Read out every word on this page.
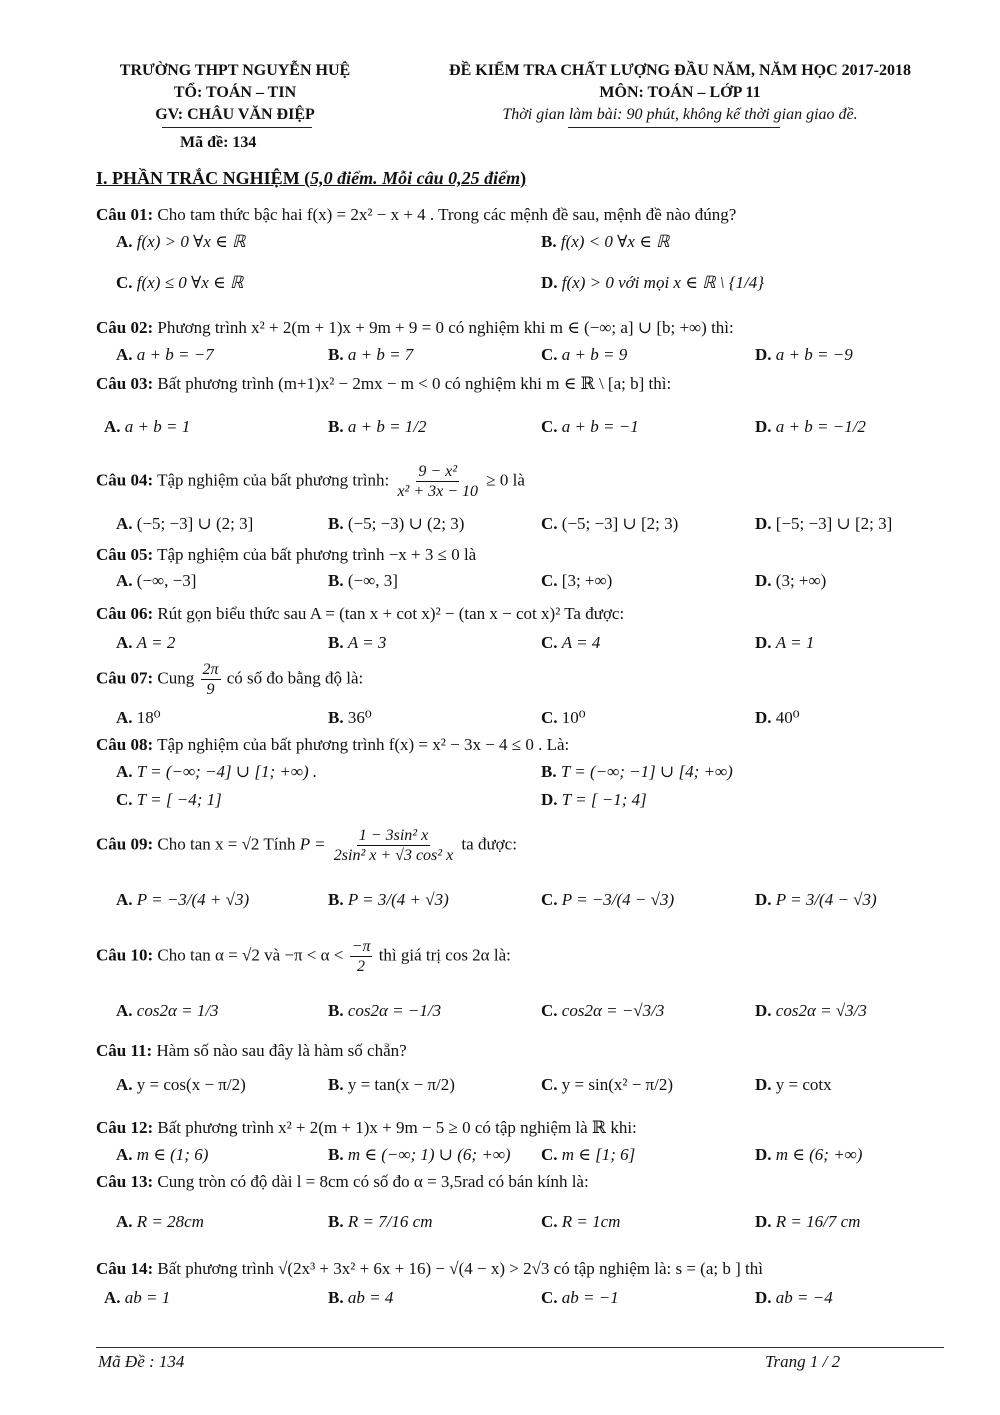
TRƯỜNG THPT NGUYỄN HUỆ
TỔ: TOÁN – TIN
GV: CHÂU VĂN ĐIỆP
Mã đề: 134
ĐỀ KIỂM TRA CHẤT LƯỢNG ĐẦU NĂM, NĂM HỌC 2017-2018
MÔN: TOÁN – LỚP 11
Thời gian làm bài: 90 phút, không kể thời gian giao đề.
I. PHẦN TRẮC NGHIỆM (5,0 điểm. Mỗi câu 0,25 điểm)
Câu 01: Cho tam thức bậc hai f(x) = 2x² − x + 4 . Trong các mệnh đề sau, mệnh đề nào đúng?
A. f(x) > 0 ∀x ∈ ℝ	B. f(x) < 0 ∀x ∈ ℝ
C. f(x) ≤ 0 ∀x ∈ ℝ	D. f(x) > 0 với mọi x ∈ ℝ \ {1/4}
Câu 02: Phương trình x² + 2(m + 1)x + 9m + 9 = 0 có nghiệm khi m ∈ (−∞; a] ∪ [b; +∞) thì:
A. a + b = −7	B. a + b = 7	C. a + b = 9	D. a + b = −9
Câu 03: Bất phương trình (m+1)x² − 2mx − m < 0 có nghiệm khi m ∈ ℝ \ [a; b] thì:
A. a + b = 1	B. a + b = 1/2	C. a + b = −1	D. a + b = −1/2
Câu 04: Tập nghiệm của bất phương trình: $\frac{\text{9 − x²}}{\text{x² + 3x − 10}} \ge 0$ là
A. (−5; −3] ∪ (2; 3]	B. (−5; −3) ∪ (2; 3)	C. (−5; −3] ∪ [2; 3)	D. [−5; −3] ∪ [2; 3]
Câu 05: Tập nghiệm của bất phương trình −x + 3 ≤ 0 là
A. (−∞, −3]	B. (−∞, 3]	C. [3; +∞)	D. (3; +∞)
Câu 06: Rút gọn biểu thức sau A = (tan x + cot x)² − (tan x − cot x)² Ta được:
A. A = 2	B. A = 3	C. A = 4	D. A = 1
Câu 07: Cung $\frac{2\pi}{9}$ có số đo bằng độ là:
A. 18⁰	B. 36⁰	C. 10⁰	D. 40⁰
Câu 08: Tập nghiệm của bất phương trình f(x) = x² − 3x − 4 ≤ 0 . Là:
A. T = (−∞; −4] ∪ [1; +∞) .	B. T = (−∞; −1] ∪ [4; +∞)
C. T = [ −4; 1]	D. T = [ −1; 4]
Câu 09: Cho tan x = √2 Tính $P = \frac{\text{1 − 3sin² x}}{\text{2sin² x + √3 cos² x}}$ ta được:
A. P = −3/(4 + √3)	B. P = 3/(4 + √3)	C. P = −3/(4 − √3)	D. P = 3/(4 − √3)
Câu 10: Cho tan α = √2 và $-\pi < \alpha < \frac{-\pi}{2}$ thì giá trị cos 2α là:
A. cos2α = 1/3	B. cos2α = −1/3	C. cos2α = −√3/3	D. cos2α = √3/3
Câu 11: Hàm số nào sau đây là hàm số chẵn?
A. y = cos(x − π/2)	B. y = tan(x − π/2)	C. y = sin(x² − π/2)	D. y = cotx
Câu 12: Bất phương trình x² + 2(m + 1)x + 9m − 5 ≥ 0 có tập nghiệm là ℝ khi:
A. m ∈ (1; 6)	B. m ∈ (−∞; 1) ∪ (6; +∞) C. m ∈ [1; 6]	D. m ∈ (6; +∞)
Câu 13: Cung tròn có độ dài l = 8cm có số đo α = 3,5rad có bán kính là:
A. R = 28cm	B. R = 7/16 cm	C. R = 1cm	D. R = 16/7 cm
Câu 14: Bất phương trình √(2x³ + 3x² + 6x + 16) − √(4 − x) > 2√3 có tập nghiệm là: s = (a; b ] thì
A. ab = 1	B. ab = 4	C. ab = −1	D. ab = −4
Mã Đề : 134	Trang 1 / 2
